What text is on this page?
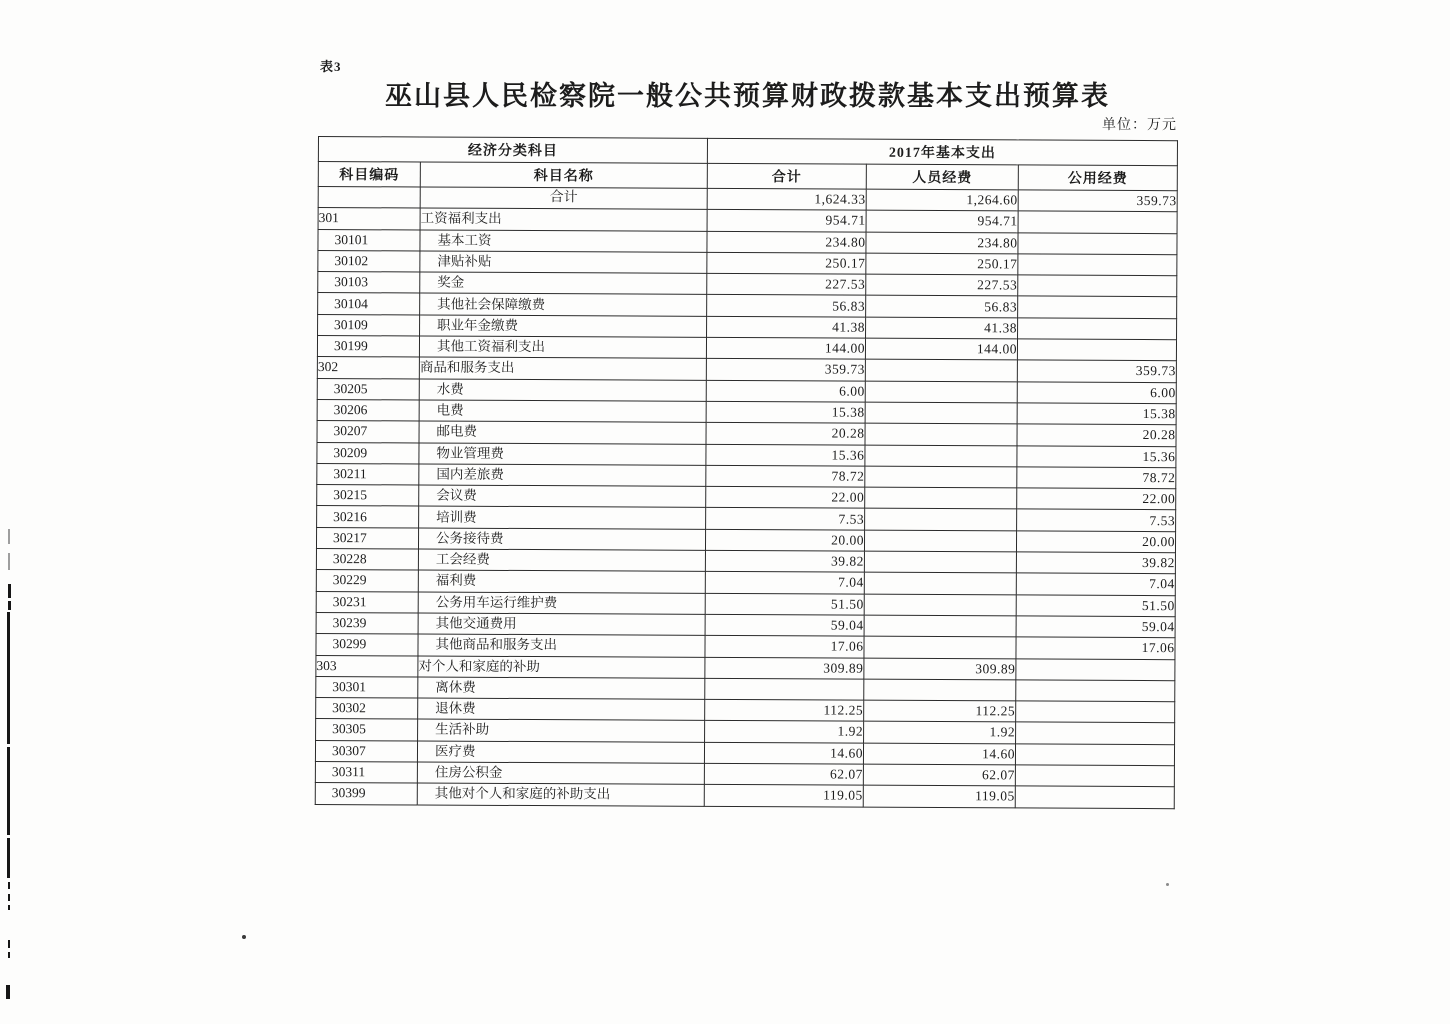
表3
巫山县人民检察院一般公共预算财政拨款基本支出预算表
单位：万元
经济分类科目		2017年基本支出		
科目编码	科目名称	合计	人员经费	公用经费
	合计	1,624.33	1,264.60	359.73
301	工资福利支出	954.71	954.71	
30101	基本工资	234.80	234.80	
30102	津贴补贴	250.17	250.17	
30103	奖金	227.53	227.53	
30104	其他社会保障缴费	56.83	56.83	
30109	职业年金缴费	41.38	41.38	
30199	其他工资福利支出	144.00	144.00	
302	商品和服务支出	359.73		359.73
30205	水费	6.00		6.00
30206	电费	15.38		15.38
30207	邮电费	20.28		20.28
30209	物业管理费	15.36		15.36
30211	国内差旅费	78.72		78.72
30215	会议费	22.00		22.00
30216	培训费	7.53		7.53
30217	公务接待费	20.00		20.00
30228	工会经费	39.82		39.82
30229	福利费	7.04		7.04
30231	公务用车运行维护费	51.50		51.50
30239	其他交通费用	59.04		59.04
30299	其他商品和服务支出	17.06		17.06
303	对个人和家庭的补助	309.89	309.89	
30301	离休费			
30302	退休费	112.25	112.25	
30305	生活补助	1.92	1.92	
30307	医疗费	14.60	14.60	
30311	住房公积金	62.07	62.07	
30399	其他对个人和家庭的补助支出	119.05	119.05	
